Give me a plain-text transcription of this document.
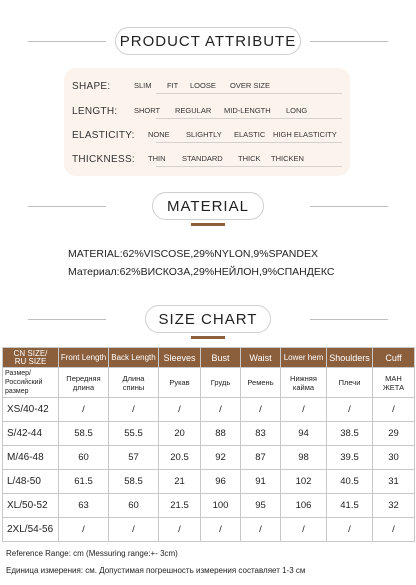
PRODUCT ATTRIBUTE
SHAPE:	SLIM FIT LOOSE OVER SIZE
LENGTH: SHORT REGULAR MID-LENGTH LONG
ELASTICITY: NONE SLIGHTLY ELASTIC HIGH ELASTICITY
THICKNESS: THIN STANDARD THICK THICKEN
MATERIAL
MATERIAL:62%VISCOSE,29%NYLON,9%SPANDEX
Материал:62%ВИСКОЗА,29%НЕЙЛОН,9%СПАНДЕКС
SIZE CHART
CN SIZE/
RU SIZE	Front Length	Back Length	Sleeves	Bust	Waist	Lower hem	Shoulders	Cuff
Размер/
Российский
размер	Передняя
длина	Длина
спины	Рукав	Грудь	Ремень	Нижняя
кайма	Плечи	МАН
ЖЕТА
XS/40-42	/	/	/	/	/	/	/	/
S/42-44	58.5	55.5	20	88	83	94	38.5	29
M/46-48	60	57	20.5	92	87	98	39.5	30
L/48-50	61.5	58.5	21	96	91	102	40.5	31
XL/50-52	63	60	21.5	100	95	106	41.5	32
2XL/54-56	/	/	/	/	/	/	/	/
Reference Range: cm (Messuring range:+- 3cm)
Единица измерения: см. Допустимая погрешность измерения составляет 1-3 см
